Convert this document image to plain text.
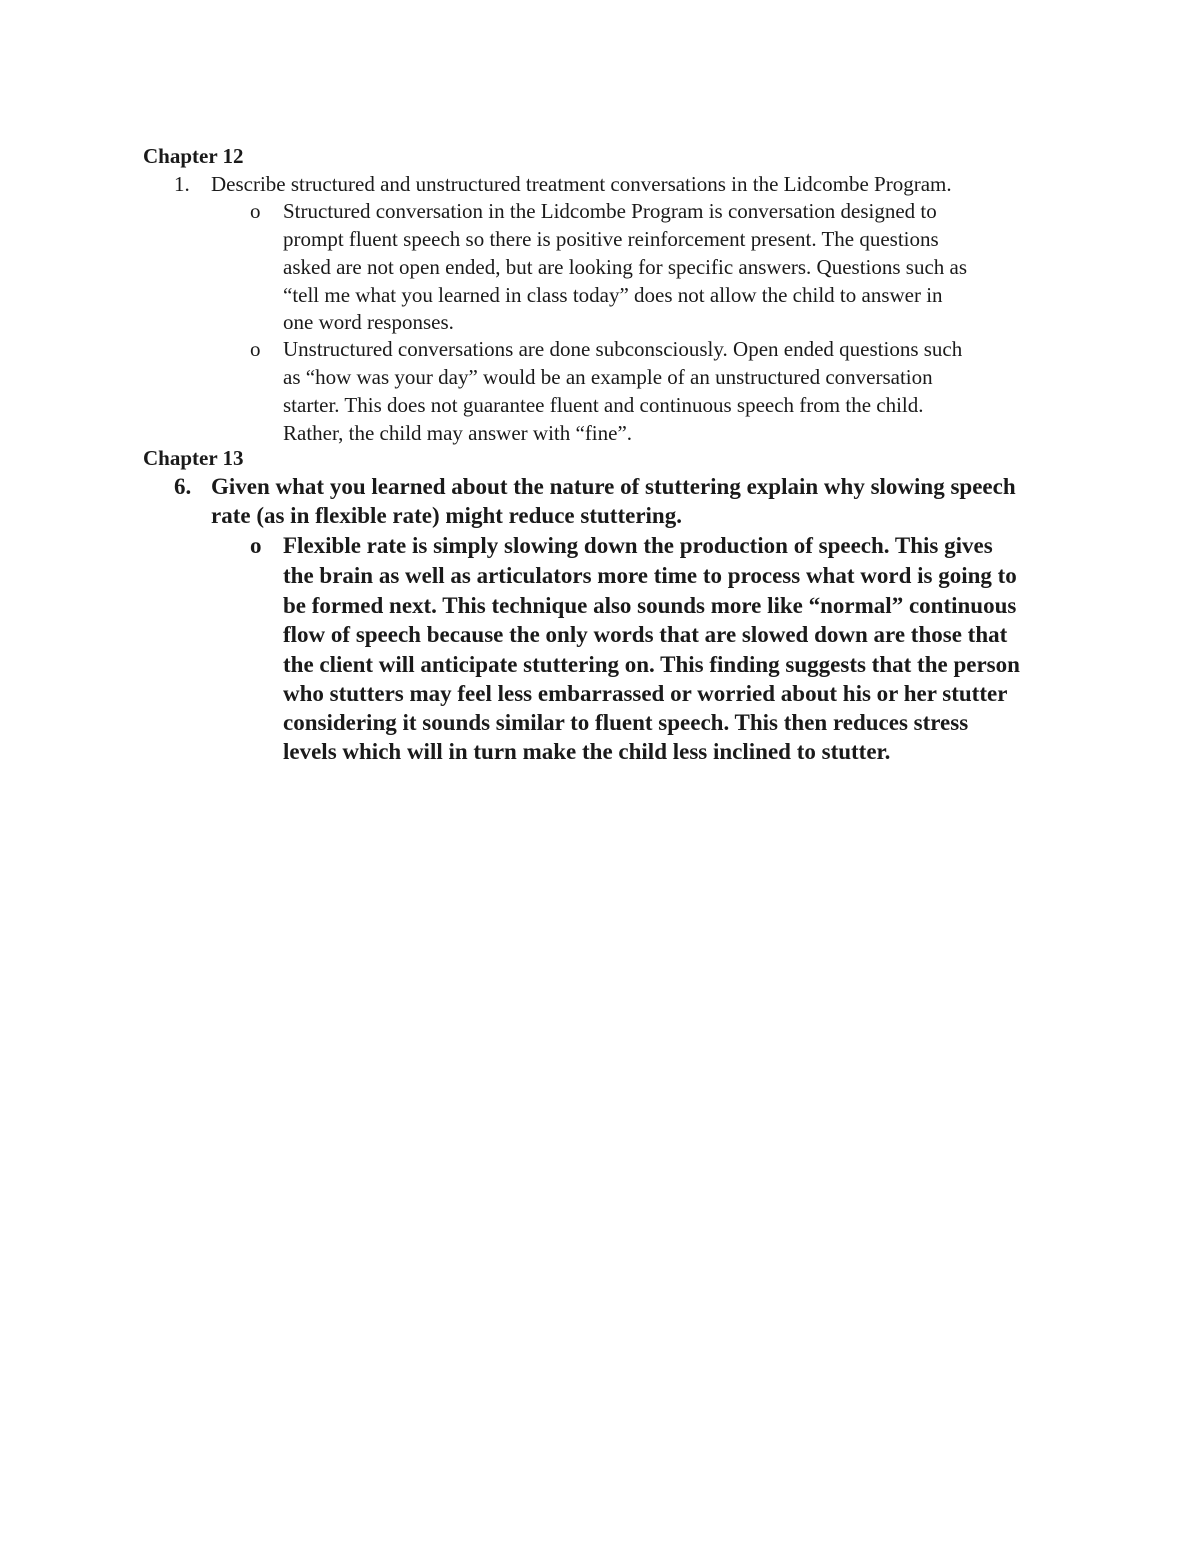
Chapter 12
1. Describe structured and unstructured treatment conversations in the Lidcombe Program.
o Structured conversation in the Lidcombe Program is conversation designed to
prompt fluent speech so there is positive reinforcement present. The questions
asked are not open ended, but are looking for specific answers. Questions such as
“tell me what you learned in class today” does not allow the child to answer in
one word responses.
o Unstructured conversations are done subconsciously. Open ended questions such
as “how was your day” would be an example of an unstructured conversation
starter. This does not guarantee fluent and continuous speech from the child.
Rather, the child may answer with “fine”.
Chapter 13
6. Given what you learned about the nature of stuttering explain why slowing speech
rate (as in flexible rate) might reduce stuttering.
o Flexible rate is simply slowing down the production of speech. This gives
the brain as well as articulators more time to process what word is going to
be formed next. This technique also sounds more like “normal” continuous
flow of speech because the only words that are slowed down are those that
the client will anticipate stuttering on. This finding suggests that the person
who stutters may feel less embarrassed or worried about his or her stutter
considering it sounds similar to fluent speech. This then reduces stress
levels which will in turn make the child less inclined to stutter.
